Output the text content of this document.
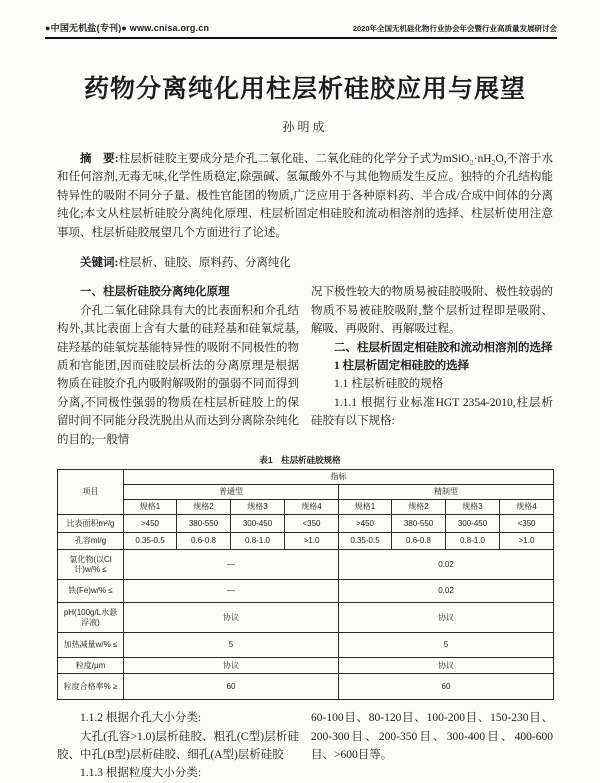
●中国无机盐(专刊)● www.cnisa.org.cn	2020年全国无机硅化物行业协会年会暨行业高质量发展研讨会
药物分离纯化用柱层析硅胶应用与展望
孙明成

摘　要:柱层析硅胶主要成分是介孔二氧化硅、二氧化硅的化学分子式为mSiO₂·nH₂O,不溶于水和任何溶剂,无毒无味,化学性质稳定,除强碱、氢氟酸外不与其他物质发生反应。独特的介孔结构能特异性的吸附不同分子量、极性官能团的物质,广泛应用于各种原料药、半合成/合成中间体的分离纯化;本文从柱层析硅胶分离纯化原理、柱层析固定相硅胶和流动相溶剂的选择、柱层析使用注意事项、柱层析硅胶展望几个方面进行了论述。

关键词:柱层析、硅胶、原料药、分离纯化

一、柱层析硅胶分离纯化原理

介孔二氧化硅除具有大的比表面积和介孔结构外,其比表面上含有大量的硅羟基和硅氧烷基,硅羟基的硅氧烷基能特异性的吸附不同极性的物质和官能团,因而硅胶层析法的分离原理是根据物质在硅胶介孔内吸附解吸附的强弱不同而得到分离,不同极性强弱的物质在柱层析硅胶上的保留时间不同能分段洗脱出从而达到分离除杂纯化的目的;一般情

况下极性较大的物质易被硅胶吸附、极性较弱的物质不易被硅胶吸附,整个层析过程即是吸附、解吸、再吸附、再解吸过程。

二、柱层析固定相硅胶和流动相溶剂的选择
1 柱层析固定相硅胶的选择

1.1 柱层析硅胶的规格

1.1.1 根据行业标准HGT 2354-2010,柱层析硅胶有以下规格:

表1　柱层析硅胶规格
项目	指标							
	普通型				精制型			
	规格1	规格2	规格3	规格4	规格1	规格2	规格3	规格4
比表面积m²/g	>450	380-550	300-450	<350	>450	380-550	300-450	<350
孔容ml/g	0.35-0.5	0.6-0.8	0.8-1.0	>1.0	0.35-0.5	0.6-0.8	0.8-1.0	>1.0
氯化物(以Cl计)w/% ≤	—				0.02			
铁(Fe)w/% ≤	—				0.02			
pH(100g/L水悬浮液)	协议				协议			
加热减量w/% ≤	5				5			
粒度/μm	协议				协议			
粒度合格率% ≥	60				60			

1.1.2 根据介孔大小分类:

大孔(孔容>1.0)层析硅胶、粗孔(C型)层析硅胶、中孔(B型)层析硅胶、细孔(A型)层析硅胶

1.1.3 根据粒度大小分类:

60-100目、80-120目、100-200目、150-230目、200-300目、200-350目、300-400目、400-600目、>600目等。
